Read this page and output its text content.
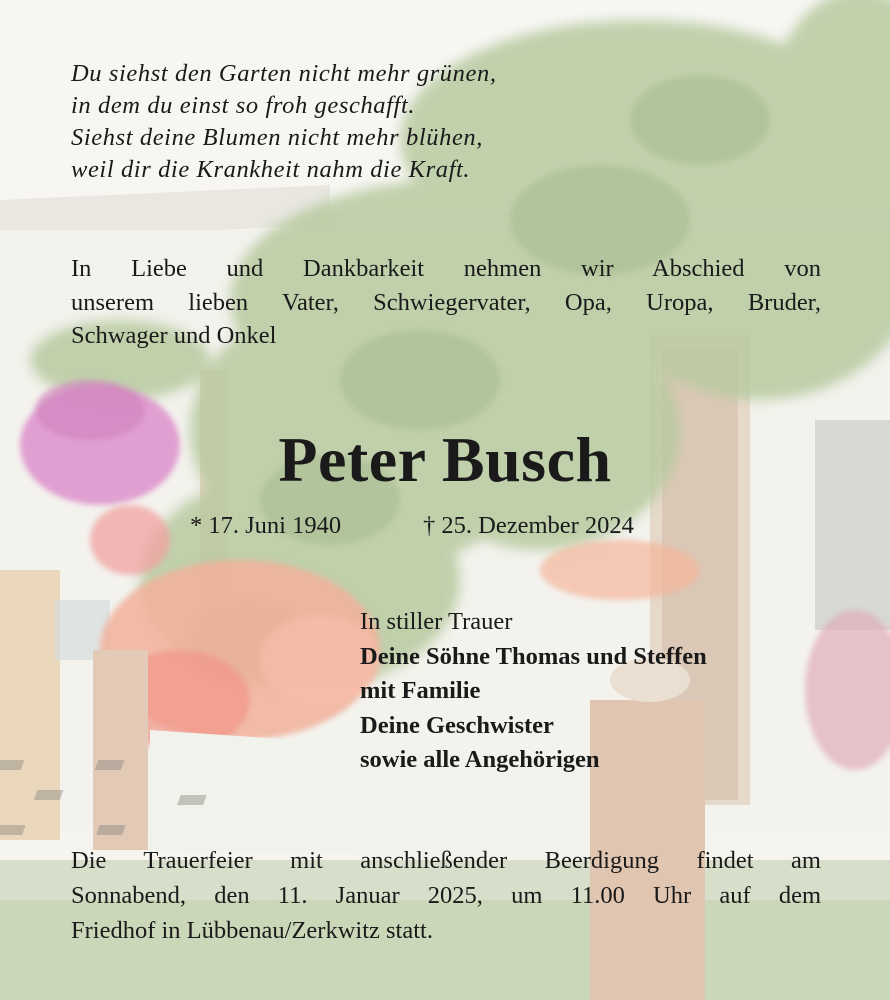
Du siehst den Garten nicht mehr grünen,
in dem du einst so froh geschafft.
Siehst deine Blumen nicht mehr blühen,
weil dir die Krankheit nahm die Kraft.

In Liebe und Dankbarkeit nehmen wir Abschied von
unserem lieben Vater, Schwiegervater, Opa, Uropa, Bruder,
Schwager und Onkel

Peter Busch
* 17. Juni 1940	† 25. Dezember 2024

In stiller Trauer
Deine Söhne Thomas und Steffen
mit Familie
Deine Geschwister
sowie alle Angehörigen

Die Trauerfeier mit anschließender Beerdigung findet am
Sonnabend, den 11. Januar 2025, um 11.00 Uhr auf dem
Friedhof in Lübbenau/Zerkwitz statt.
